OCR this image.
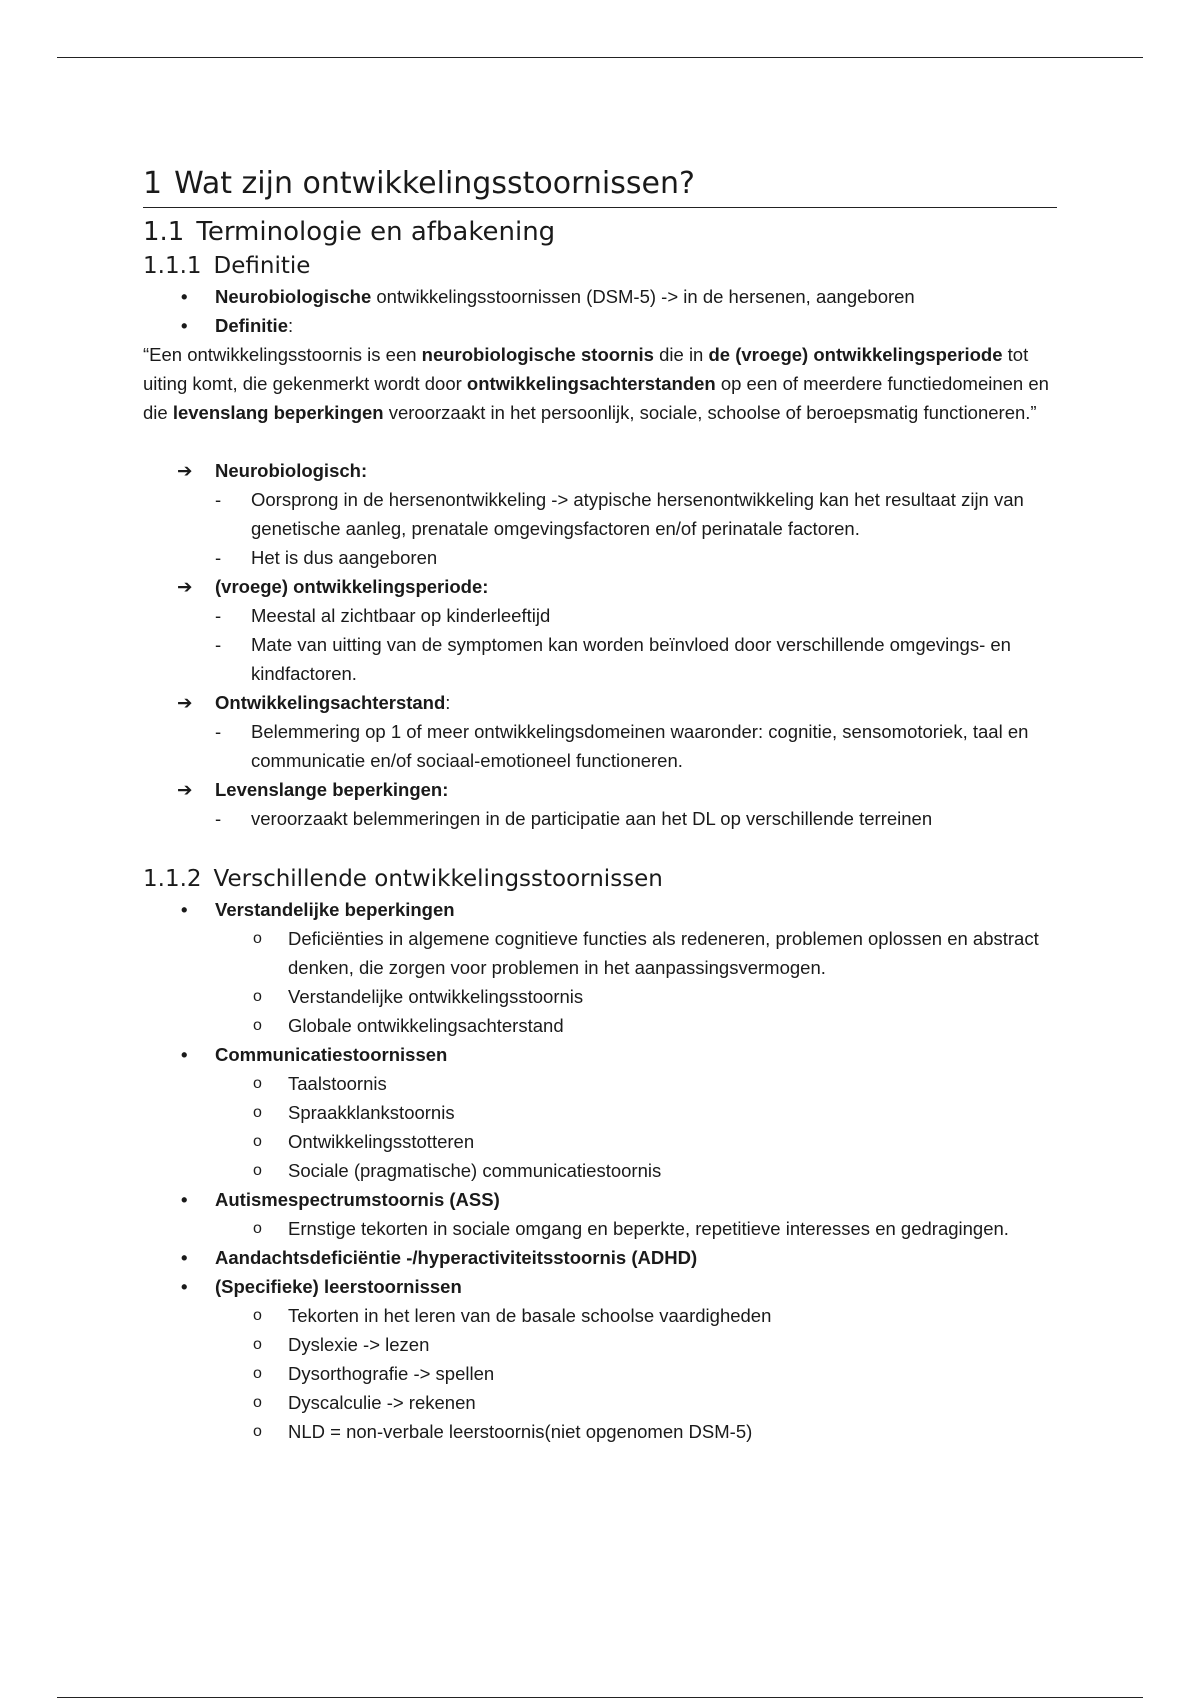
1 Wat zijn ontwikkelingsstoornissen?
1.1 Terminologie en afbakening
1.1.1 Definitie
• Neurobiologische ontwikkelingsstoornissen (DSM-5) -> in de hersenen, aangeboren
• Definitie:

“Een ontwikkelingsstoornis is een neurobiologische stoornis die in de (vroege) ontwikkelingsperiode tot uiting komt, die gekenmerkt wordt door ontwikkelingsachterstanden op een of meerdere functiedomeinen en die levenslang beperkingen veroorzaakt in het persoonlijk, sociale, schoolse of beroepsmatig functioneren.”

➔ Neurobiologisch:
- Oorsprong in de hersenontwikkeling -> atypische hersenontwikkeling kan het resultaat zijn van genetische aanleg, prenatale omgevingsfactoren en/of perinatale factoren.
- Het is dus aangeboren
➔ (vroege) ontwikkelingsperiode:
- Meestal al zichtbaar op kinderleeftijd
- Mate van uitting van de symptomen kan worden beïnvloed door verschillende omgevings- en kindfactoren.
➔ Ontwikkelingsachterstand:
- Belemmering op 1 of meer ontwikkelingsdomeinen waaronder: cognitie, sensomotoriek, taal en communicatie en/of sociaal-emotioneel functioneren.
➔ Levenslange beperkingen:
- veroorzaakt belemmeringen in de participatie aan het DL op verschillende terreinen
1.1.2 Verschillende ontwikkelingsstoornissen
• Verstandelijke beperkingen
o Deficiënties in algemene cognitieve functies als redeneren, problemen oplossen en abstract denken, die zorgen voor problemen in het aanpassingsvermogen.
o Verstandelijke ontwikkelingsstoornis
o Globale ontwikkelingsachterstand
• Communicatiestoornissen
o Taalstoornis
o Spraakklankstoornis
o Ontwikkelingsstotteren
o Sociale (pragmatische) communicatiestoornis
• Autismespectrumstoornis (ASS)
o Ernstige tekorten in sociale omgang en beperkte, repetitieve interesses en gedragingen.
• Aandachtsdeficiëntie -/hyperactiviteitsstoornis (ADHD)
• (Specifieke) leerstoornissen
o Tekorten in het leren van de basale schoolse vaardigheden
o Dyslexie -> lezen
o Dysorthografie -> spellen
o Dyscalculie -> rekenen
o NLD = non-verbale leerstoornis(niet opgenomen DSM-5)
